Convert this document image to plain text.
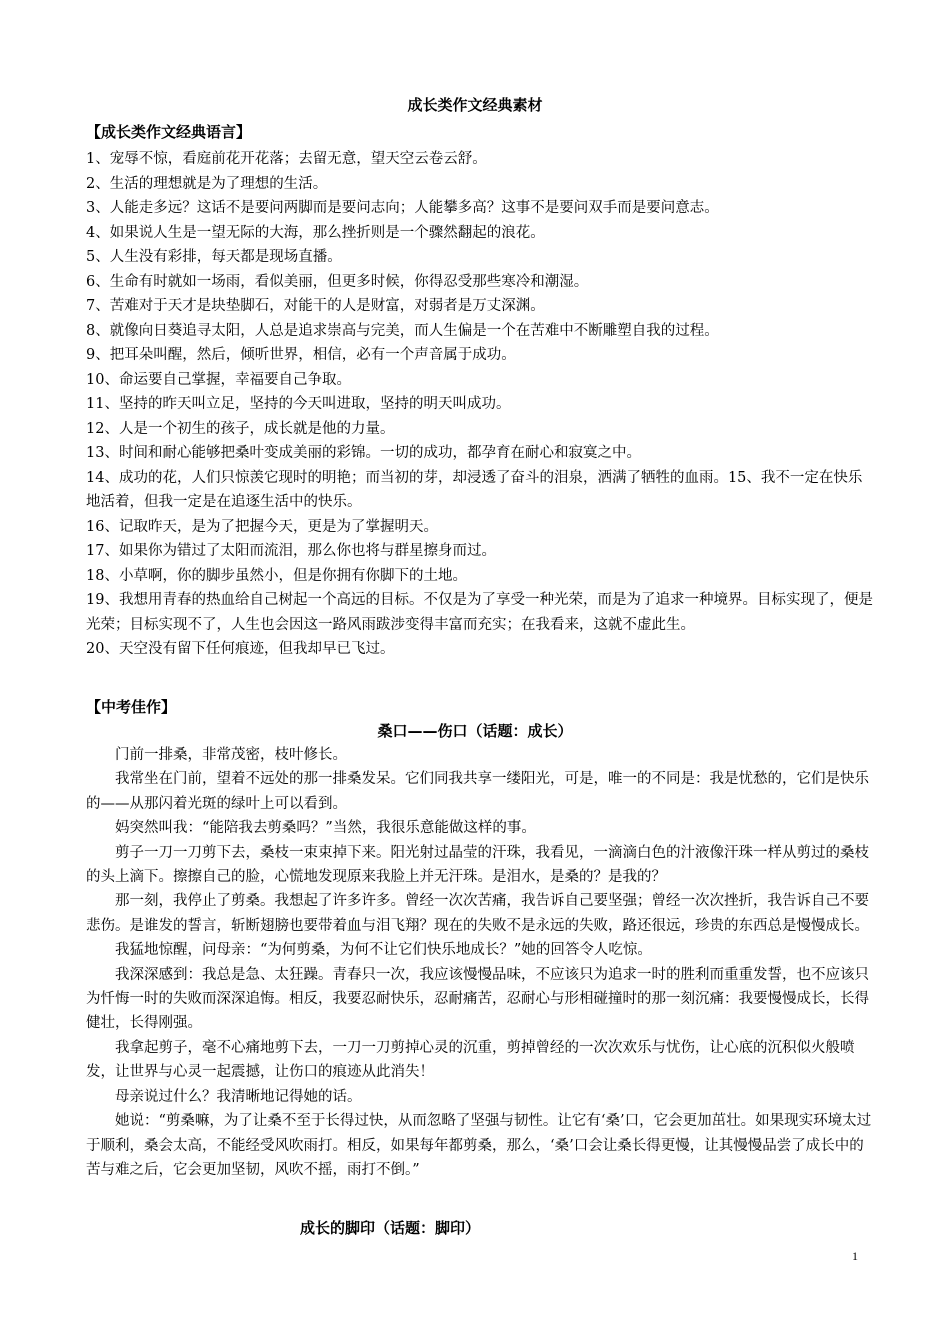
成长类作文经典素材
【成长类作文经典语言】

1、宠辱不惊，看庭前花开花落；去留无意，望天空云卷云舒。

2、生活的理想就是为了理想的生活。

3、人能走多远？这话不是要问两脚而是要问志向；人能攀多高？这事不是要问双手而是要问意志。

4、如果说人生是一望无际的大海，那么挫折则是一个骤然翻起的浪花。

5、人生没有彩排，每天都是现场直播。

6、生命有时就如一场雨，看似美丽，但更多时候，你得忍受那些寒冷和潮湿。

7、苦难对于天才是块垫脚石，对能干的人是财富，对弱者是万丈深渊。

8、就像向日葵追寻太阳，人总是追求崇高与完美，而人生偏是一个在苦难中不断雕塑自我的过程。

9、把耳朵叫醒，然后，倾听世界，相信，必有一个声音属于成功。

10、命运要自己掌握，幸福要自己争取。

11、坚持的昨天叫立足，坚持的今天叫进取，坚持的明天叫成功。

12、人是一个初生的孩子，成长就是他的力量。

13、时间和耐心能够把桑叶变成美丽的彩锦。一切的成功，都孕育在耐心和寂寞之中。

14、成功的花，人们只惊羡它现时的明艳；而当初的芽，却浸透了奋斗的泪泉，洒满了牺牲的血雨。15、我不一定在快乐地活着，但我一定是在追逐生活中的快乐。

16、记取昨天，是为了把握今天，更是为了掌握明天。

17、如果你为错过了太阳而流泪，那么你也将与群星擦身而过。

18、小草啊，你的脚步虽然小，但是你拥有你脚下的土地。

19、我想用青春的热血给自己树起一个高远的目标。不仅是为了享受一种光荣，而是为了追求一种境界。目标实现了，便是光荣；目标实现不了，人生也会因这一路风雨跋涉变得丰富而充实；在我看来，这就不虚此生。

20、天空没有留下任何痕迹，但我却早已飞过。

【中考佳作】
桑口——伤口（话题：成长）

门前一排桑，非常茂密，枝叶修长。

我常坐在门前，望着不远处的那一排桑发呆。它们同我共享一缕阳光，可是，唯一的不同是：我是忧愁的，它们是快乐的——从那闪着光斑的绿叶上可以看到。

妈突然叫我：“能陪我去剪桑吗？”当然，我很乐意能做这样的事。

剪子一刀一刀剪下去，桑枝一束束掉下来。阳光射过晶莹的汗珠，我看见，一滴滴白色的汁液像汗珠一样从剪过的桑枝的头上滴下。擦擦自己的脸，心慌地发现原来我脸上并无汗珠。是泪水，是桑的？是我的？

那一刻，我停止了剪桑。我想起了许多许多。曾经一次次苦痛，我告诉自己要坚强；曾经一次次挫折，我告诉自己不要悲伤。是谁发的誓言，斩断翅膀也要带着血与泪飞翔？现在的失败不是永远的失败，路还很远，珍贵的东西总是慢慢成长。

我猛地惊醒，问母亲：“为何剪桑，为何不让它们快乐地成长？”她的回答令人吃惊。

我深深感到：我总是急、太狂躁。青春只一次，我应该慢慢品味，不应该只为追求一时的胜利而重重发誓，也不应该只为忏悔一时的失败而深深追悔。相反，我要忍耐快乐，忍耐痛苦，忍耐心与形相碰撞时的那一刻沉痛：我要慢慢成长，长得健壮，长得刚强。

我拿起剪子，毫不心痛地剪下去，一刀一刀剪掉心灵的沉重，剪掉曾经的一次次欢乐与忧伤，让心底的沉积似火般喷发，让世界与心灵一起震撼，让伤口的痕迹从此消失！

母亲说过什么？我清晰地记得她的话。

她说：“剪桑嘛，为了让桑不至于长得过快，从而忽略了坚强与韧性。让它有‘桑’口，它会更加茁壮。如果现实环境太过于顺利，桑会太高，不能经受风吹雨打。相反，如果每年都剪桑，那么，‘桑’口会让桑长得更慢，让其慢慢品尝了成长中的苦与难之后，它会更加坚韧，风吹不摇，雨打不倒。”

成长的脚印（话题：脚印）
1
